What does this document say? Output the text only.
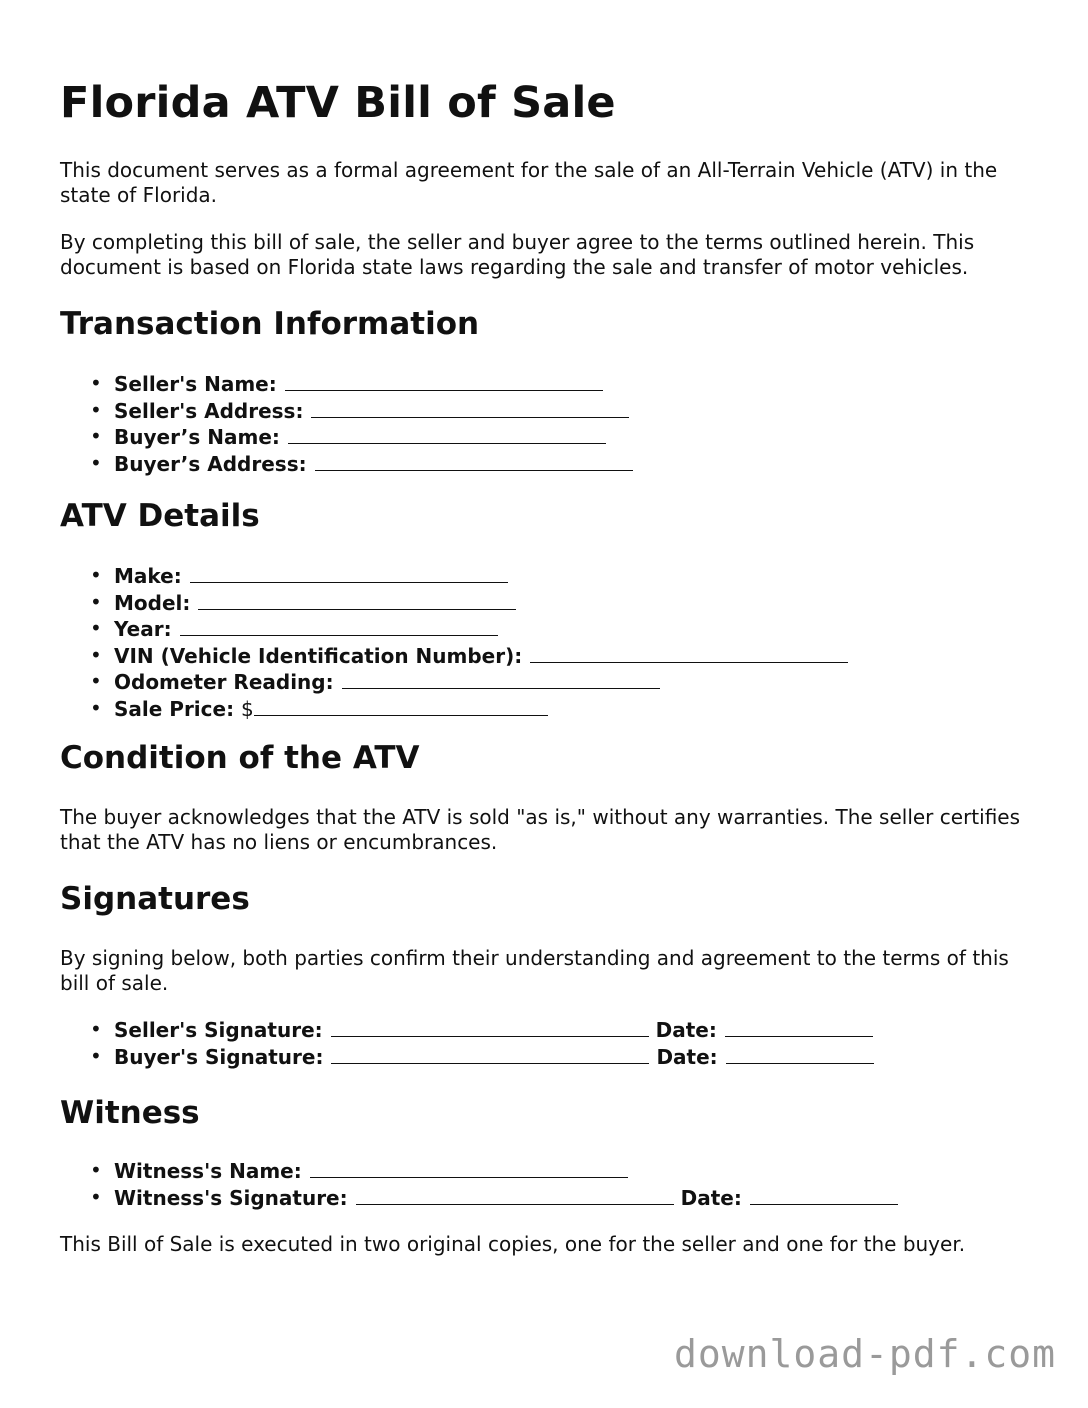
Florida ATV Bill of Sale

This document serves as a formal agreement for the sale of an All-Terrain Vehicle (ATV) in the state of Florida.

By completing this bill of sale, the seller and buyer agree to the terms outlined herein. This document is based on Florida state laws regarding the sale and transfer of motor vehicles.

Transaction Information
• Seller's Name:
• Seller's Address:
• Buyer’s Name:
• Buyer’s Address:
ATV Details
• Make:
• Model:
• Year:
• VIN (Vehicle Identification Number):
• Odometer Reading:
• Sale Price: $
Condition of the ATV

The buyer acknowledges that the ATV is sold "as is," without any warranties. The seller certifies that the ATV has no liens or encumbrances.

Signatures

By signing below, both parties confirm their understanding and agreement to the terms of this bill of sale.

• Seller's Signature:	Date:
• Buyer's Signature:	Date:
Witness
• Witness's Name:
• Witness's Signature:	Date:

This Bill of Sale is executed in two original copies, one for the seller and one for the buyer.

download-pdf.com
